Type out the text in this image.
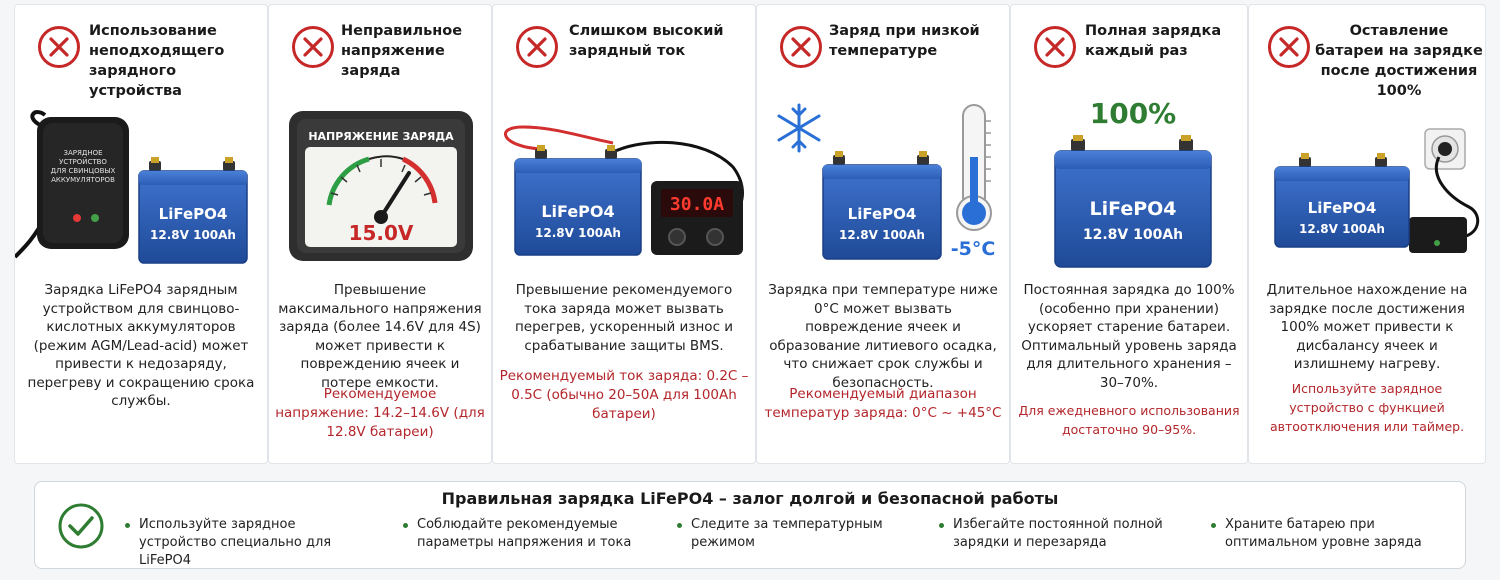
Использование неподходящего зарядного устройства
ЗАРЯДНОЕ
УСТРОЙСТВО
ДЛЯ СВИНЦОВЫХ
АККУМУЛЯТОРОВ
LiFePO4
12.8V 100Ah
Зарядка LiFePO4 зарядным устройством для свинцово-кислотных аккумуляторов (режим AGM/Lead-acid) может привести к недозаряду, перегреву и сокращению срока службы.
Неправильное напряжение заряда
НАПРЯЖЕНИЕ ЗАРЯДА
15.0V
Превышение максимального напряжения заряда (более 14.6V для 4S) может привести к повреждению ячеек и потере емкости.
Рекомендуемое напряжение: 14.2–14.6V (для 12.8V батареи)
Слишком высокий зарядный ток
LiFePO4
12.8V 100Ah
30.0A
Превышение рекомендуемого тока заряда может вызвать перегрев, ускоренный износ и срабатывание защиты BMS.
Рекомендуемый ток заряда: 0.2C – 0.5C (обычно 20–50A для 100Ah батареи)
Заряд при низкой температуре
LiFePO4
12.8V 100Ah
-5°C
Зарядка при температуре ниже 0°C может вызвать повреждение ячеек и образование литиевого осадка, что снижает срок службы и безопасность.
Рекомендуемый диапазон температур заряда: 0°C ~ +45°C
Полная зарядка каждый раз
100%
LiFePO4
12.8V 100Ah
Постоянная зарядка до 100% (особенно при хранении) ускоряет старение батареи. Оптимальный уровень заряда для длительного хранения – 30–70%.
Для ежедневного использования достаточно 90–95%.
Оставление батареи на зарядке после достижения 100%
LiFePO4
12.8V 100Ah
Длительное нахождение на зарядке после достижения 100% может привести к дисбалансу ячеек и излишнему нагреву.
Используйте зарядное устройство с функцией автоотключения или таймер.
Правильная зарядка LiFePO4 – залог долгой и безопасной работы
Используйте зарядное устройство специально для LiFePO4
Соблюдайте рекомендуемые параметры напряжения и тока
Следите за температурным режимом
Избегайте постоянной полной зарядки и перезаряда
Храните батарею при оптимальном уровне заряда
